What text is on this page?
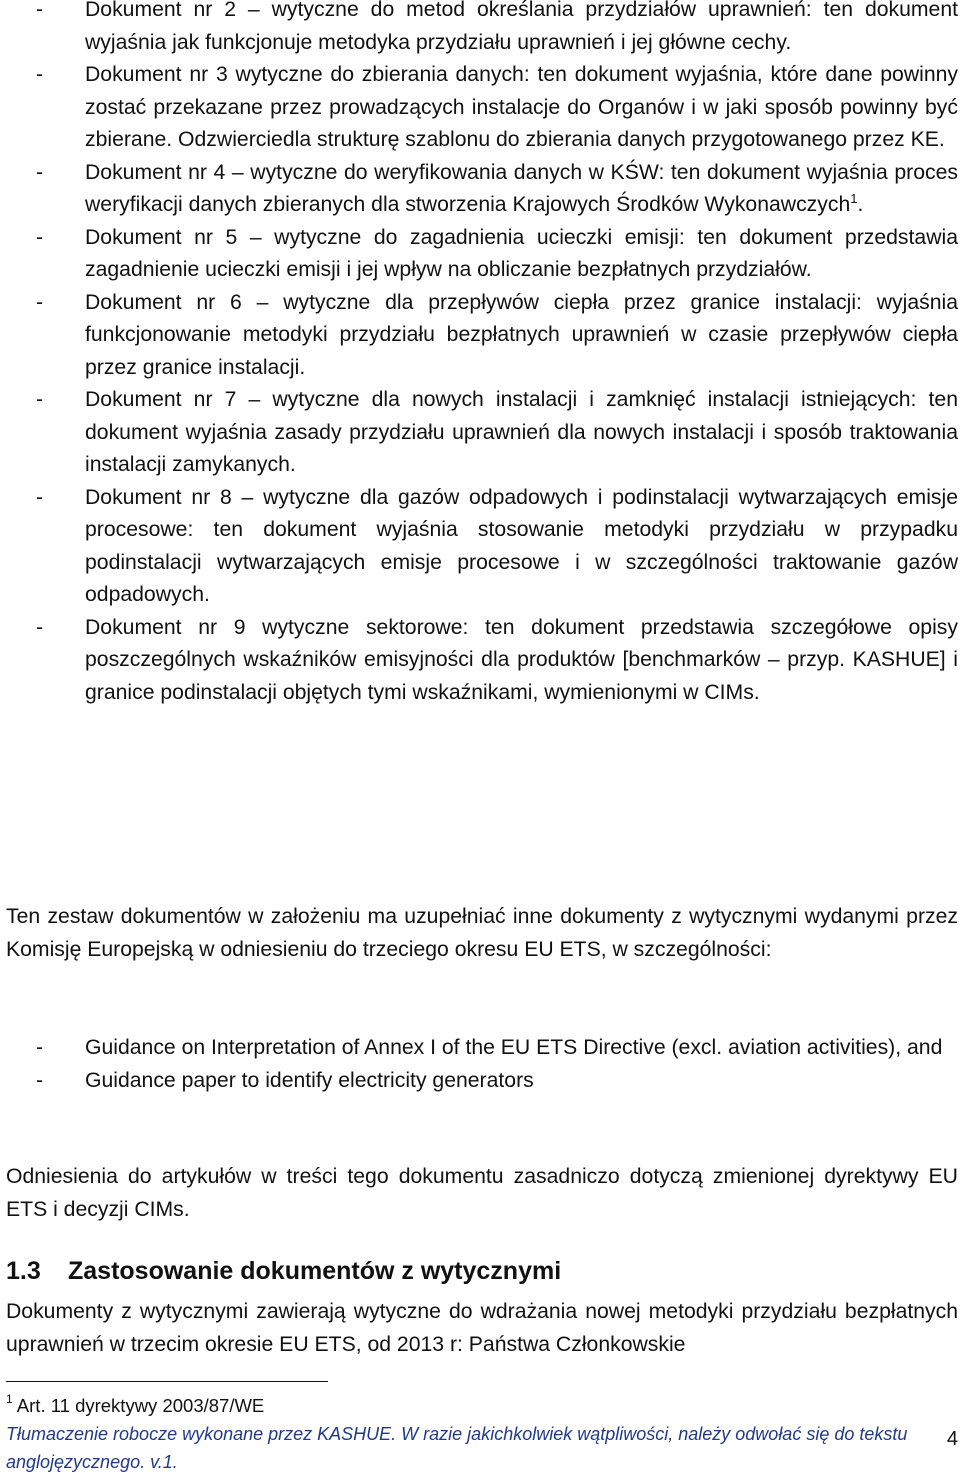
- Dokument nr 2 – wytyczne do metod określania przydziałów uprawnień: ten dokument wyjaśnia jak funkcjonuje metodyka przydziału uprawnień i jej główne cechy.
- Dokument nr 3 wytyczne do zbierania danych: ten dokument wyjaśnia, które dane powinny zostać przekazane przez prowadzących instalacje do Organów i w jaki sposób powinny być zbierane. Odzwierciedla strukturę szablonu do zbierania danych przygotowanego przez KE.
- Dokument nr 4 – wytyczne do weryfikowania danych w KŚW: ten dokument wyjaśnia proces weryfikacji danych zbieranych dla stworzenia Krajowych Środków Wykonawczych$^1$.
- Dokument nr 5 – wytyczne do zagadnienia ucieczki emisji: ten dokument przedstawia zagadnienie ucieczki emisji i jej wpływ na obliczanie bezpłatnych przydziałów.
- Dokument nr 6 – wytyczne dla przepływów ciepła przez granice instalacji: wyjaśnia funkcjonowanie metodyki przydziału bezpłatnych uprawnień w czasie przepływów ciepła przez granice instalacji.
- Dokument nr 7 – wytyczne dla nowych instalacji i zamknięć instalacji istniejących: ten dokument wyjaśnia zasady przydziału uprawnień dla nowych instalacji i sposób traktowania instalacji zamykanych.
- Dokument nr 8 – wytyczne dla gazów odpadowych i podinstalacji wytwarzających emisje procesowe: ten dokument wyjaśnia stosowanie metodyki przydziału w przypadku podinstalacji wytwarzających emisje procesowe i w szczególności traktowanie gazów odpadowych.
- Dokument nr 9 wytyczne sektorowe: ten dokument przedstawia szczegółowe opisy poszczególnych wskaźników emisyjności dla produktów [benchmarków – przyp. KASHUE] i granice podinstalacji objętych tymi wskaźnikami, wymienionymi w CIMs.

Ten zestaw dokumentów w założeniu ma uzupełniać inne dokumenty z wytycznymi wydanymi przez Komisję Europejską w odniesieniu do trzeciego okresu EU ETS, w szczególności:

- Guidance on Interpretation of Annex I of the EU ETS Directive (excl. aviation activities), and
- Guidance paper to identify electricity generators

Odniesienia do artykułów w treści tego dokumentu zasadniczo dotyczą zmienionej dyrektywy EU ETS i decyzji CIMs.

1.3 Zastosowanie dokumentów z wytycznymi

Dokumenty z wytycznymi zawierają wytyczne do wdrażania nowej metodyki przydziału bezpłatnych uprawnień w trzecim okresie EU ETS, od 2013 r: Państwa Członkowskie

$^1$ Art. 11 dyrektywy 2003/87/WE
Tłumaczenie robocze wykonane przez KASHUE. W razie jakichkolwiek wątpliwości, należy odwołać się do tekstu anglojęzycznego. v.1.
4
